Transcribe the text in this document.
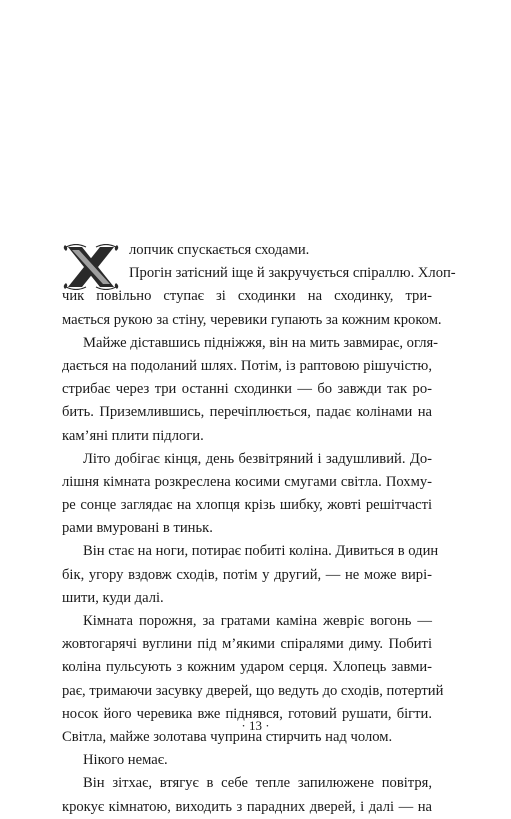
Х
лопчик спускається сходами.
Прогін затісний іще й закручується спіраллю. Хлоп-
чик повільно ступає зі сходинки на сходинку, три-
мається рукою за стіну, черевики гупають за кожним кроком.
Майже діставшись підніжжя, він на мить завмирає, огля-
дається на подоланий шлях. Потім, із раптовою рішучістю,
стрибає через три останні сходинки — бо завжди так ро-
бить. Приземлившись, перечіплюється, падає колінами на
кам’яні плити підлоги.
Літо добігає кінця, день безвітряний і задушливий. До-
лішня кімната розкреслена косими смугами світла. Похму-
ре сонце заглядає на хлопця крізь шибку, жовті решітчасті
рами вмуровані в тиньк.
Він стає на ноги, потирає побиті коліна. Дивиться в один
бік, угору вздовж сходів, потім у другий, — не може вирі-
шити, куди далі.
Кімната порожня, за гратами каміна жевріє вогонь —
жовтогарячі вуглини під м’якими спіралями диму. Побиті
коліна пульсують з кожним ударом серця. Хлопець завми-
рає, тримаючи засувку дверей, що ведуть до сходів, потертий
носок його черевика вже піднявся, готовий рушати, бігти.
Світла, майже золотава чуприна стирчить над чолом.
Нікого немає.
Він зітхає, втягує в себе тепле запилюжене повітря,
крокує кімнатою, виходить з парадних дверей, і далі — на
· 13 ·
